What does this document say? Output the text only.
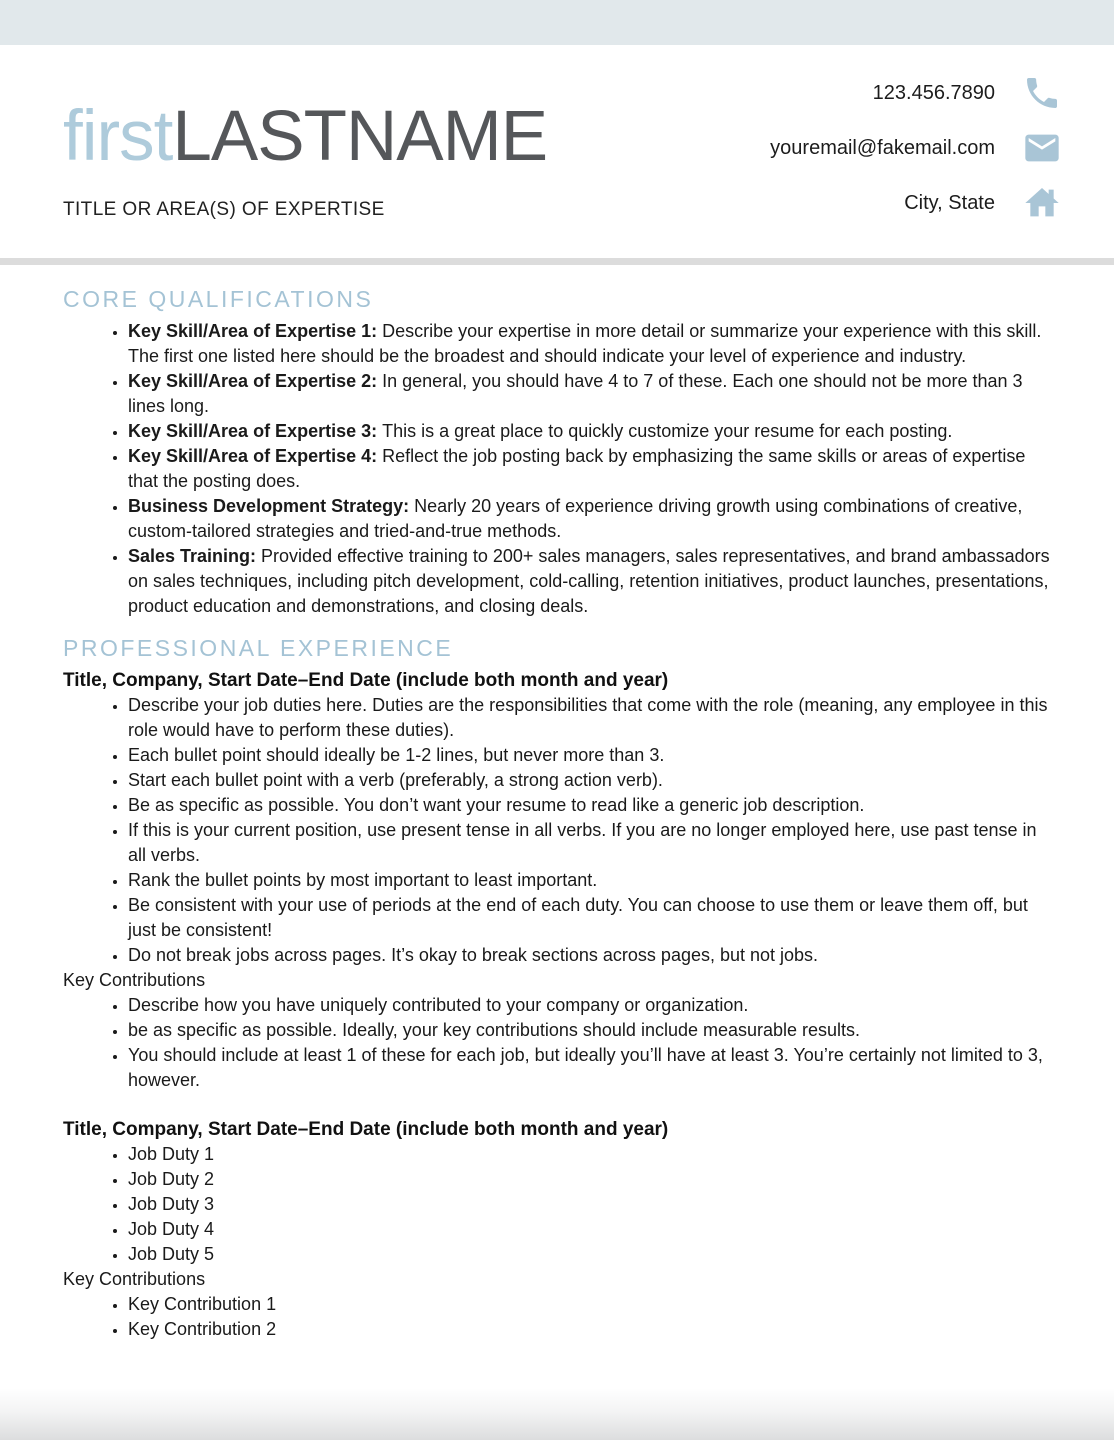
firstLASTNAME
TITLE OR AREA(S) OF EXPERTISE
123.456.7890
youremail@fakemail.com
City, State
CORE QUALIFICATIONS
• Key Skill/Area of Expertise 1: Describe your expertise in more detail or summarize your experience with this skill. The first one listed here should be the broadest and should indicate your level of experience and industry.
• Key Skill/Area of Expertise 2: In general, you should have 4 to 7 of these. Each one should not be more than 3 lines long.
• Key Skill/Area of Expertise 3: This is a great place to quickly customize your resume for each posting.
• Key Skill/Area of Expertise 4: Reflect the job posting back by emphasizing the same skills or areas of expertise that the posting does.
• Business Development Strategy: Nearly 20 years of experience driving growth using combinations of creative, custom-tailored strategies and tried-and-true methods.
• Sales Training: Provided effective training to 200+ sales managers, sales representatives, and brand ambassadors on sales techniques, including pitch development, cold-calling, retention initiatives, product launches, presentations, product education and demonstrations, and closing deals.
PROFESSIONAL EXPERIENCE
Title, Company, Start Date–End Date (include both month and year)
• Describe your job duties here. Duties are the responsibilities that come with the role (meaning, any employee in this role would have to perform these duties).
• Each bullet point should ideally be 1-2 lines, but never more than 3.
• Start each bullet point with a verb (preferably, a strong action verb).
• Be as specific as possible. You don’t want your resume to read like a generic job description.
• If this is your current position, use present tense in all verbs. If you are no longer employed here, use past tense in all verbs.
• Rank the bullet points by most important to least important.
• Be consistent with your use of periods at the end of each duty. You can choose to use them or leave them off, but just be consistent!
• Do not break jobs across pages. It’s okay to break sections across pages, but not jobs.

Key Contributions

• Describe how you have uniquely contributed to your company or organization.
• be as specific as possible. Ideally, your key contributions should include measurable results.
• You should include at least 1 of these for each job, but ideally you’ll have at least 3. You’re certainly not limited to 3, however.
Title, Company, Start Date–End Date (include both month and year)
• Job Duty 1
• Job Duty 2
• Job Duty 3
• Job Duty 4
• Job Duty 5

Key Contributions

• Key Contribution 1
• Key Contribution 2
